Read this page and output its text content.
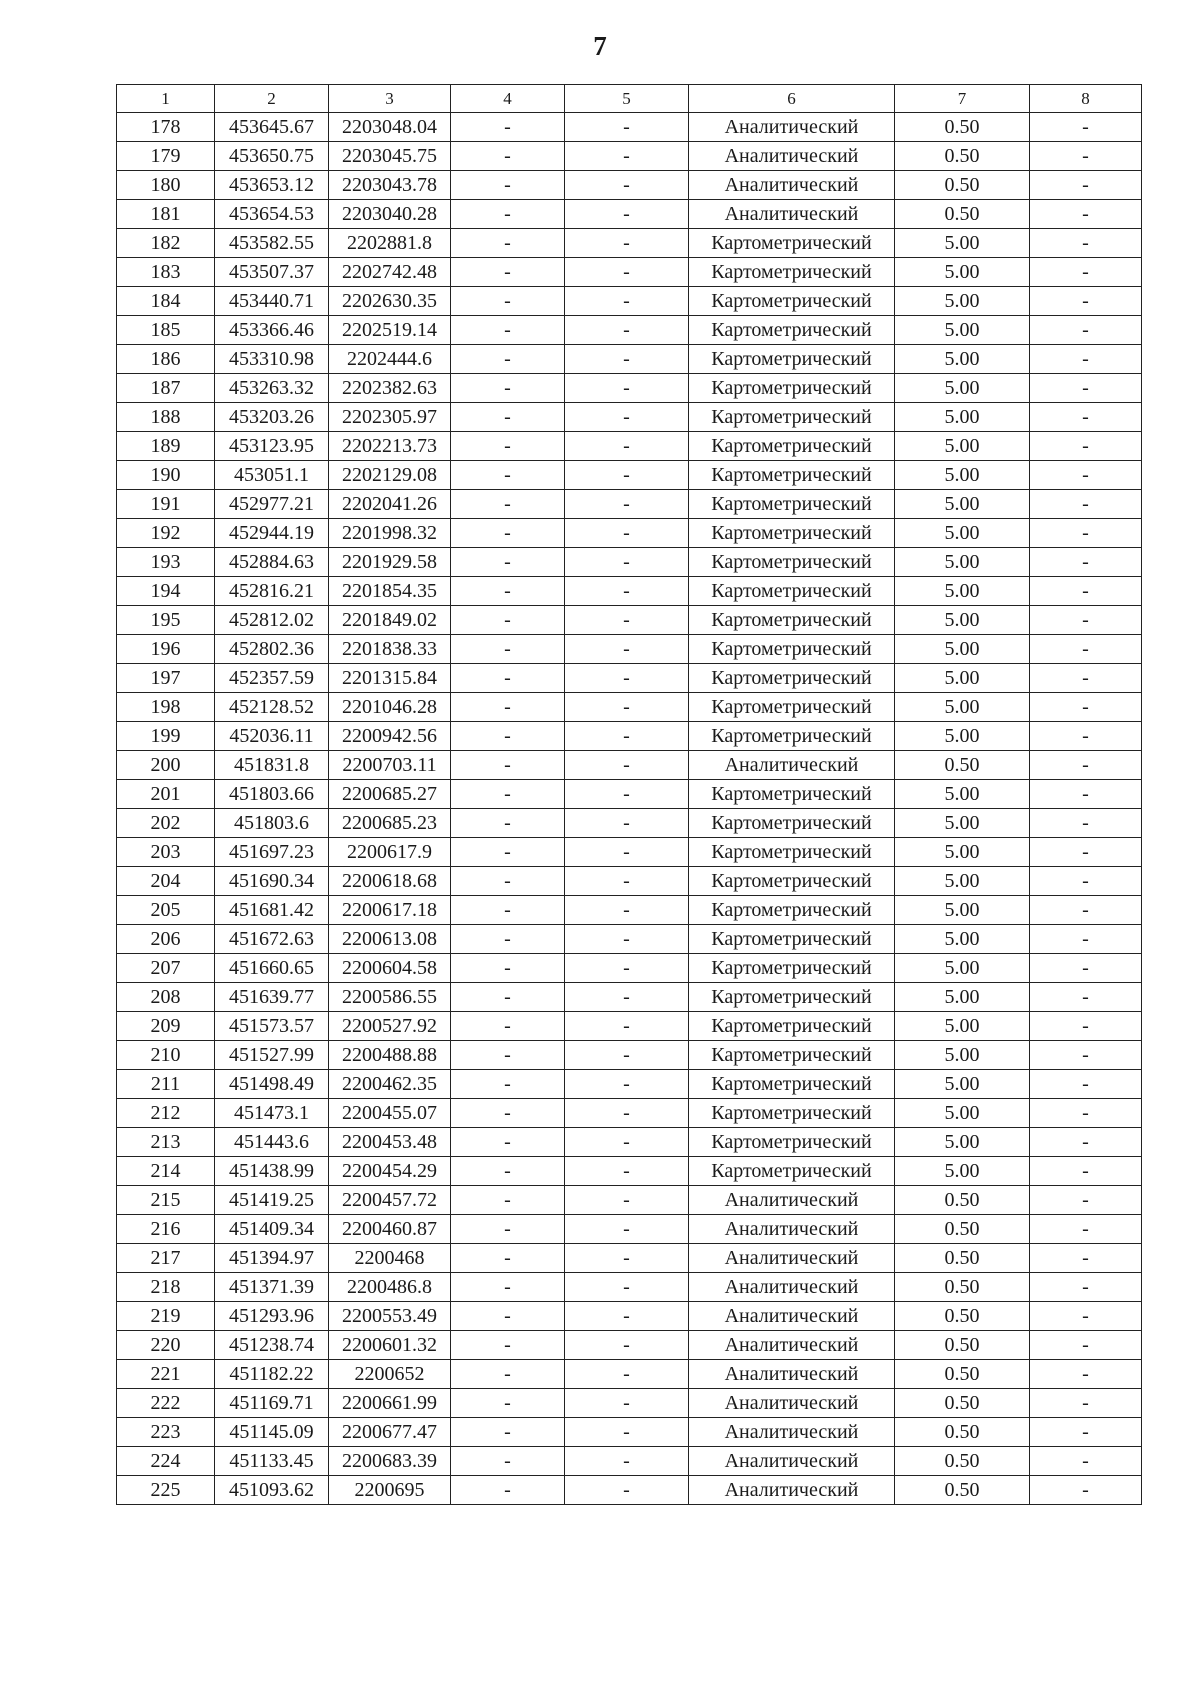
7
1	2	3	4	5	6	7	8
178	453645.67	2203048.04	-	-	Аналитический	0.50	-
179	453650.75	2203045.75	-	-	Аналитический	0.50	-
180	453653.12	2203043.78	-	-	Аналитический	0.50	-
181	453654.53	2203040.28	-	-	Аналитический	0.50	-
182	453582.55	2202881.8	-	-	Картометрический	5.00	-
183	453507.37	2202742.48	-	-	Картометрический	5.00	-
184	453440.71	2202630.35	-	-	Картометрический	5.00	-
185	453366.46	2202519.14	-	-	Картометрический	5.00	-
186	453310.98	2202444.6	-	-	Картометрический	5.00	-
187	453263.32	2202382.63	-	-	Картометрический	5.00	-
188	453203.26	2202305.97	-	-	Картометрический	5.00	-
189	453123.95	2202213.73	-	-	Картометрический	5.00	-
190	453051.1	2202129.08	-	-	Картометрический	5.00	-
191	452977.21	2202041.26	-	-	Картометрический	5.00	-
192	452944.19	2201998.32	-	-	Картометрический	5.00	-
193	452884.63	2201929.58	-	-	Картометрический	5.00	-
194	452816.21	2201854.35	-	-	Картометрический	5.00	-
195	452812.02	2201849.02	-	-	Картометрический	5.00	-
196	452802.36	2201838.33	-	-	Картометрический	5.00	-
197	452357.59	2201315.84	-	-	Картометрический	5.00	-
198	452128.52	2201046.28	-	-	Картометрический	5.00	-
199	452036.11	2200942.56	-	-	Картометрический	5.00	-
200	451831.8	2200703.11	-	-	Аналитический	0.50	-
201	451803.66	2200685.27	-	-	Картометрический	5.00	-
202	451803.6	2200685.23	-	-	Картометрический	5.00	-
203	451697.23	2200617.9	-	-	Картометрический	5.00	-
204	451690.34	2200618.68	-	-	Картометрический	5.00	-
205	451681.42	2200617.18	-	-	Картометрический	5.00	-
206	451672.63	2200613.08	-	-	Картометрический	5.00	-
207	451660.65	2200604.58	-	-	Картометрический	5.00	-
208	451639.77	2200586.55	-	-	Картометрический	5.00	-
209	451573.57	2200527.92	-	-	Картометрический	5.00	-
210	451527.99	2200488.88	-	-	Картометрический	5.00	-
211	451498.49	2200462.35	-	-	Картометрический	5.00	-
212	451473.1	2200455.07	-	-	Картометрический	5.00	-
213	451443.6	2200453.48	-	-	Картометрический	5.00	-
214	451438.99	2200454.29	-	-	Картометрический	5.00	-
215	451419.25	2200457.72	-	-	Аналитический	0.50	-
216	451409.34	2200460.87	-	-	Аналитический	0.50	-
217	451394.97	2200468	-	-	Аналитический	0.50	-
218	451371.39	2200486.8	-	-	Аналитический	0.50	-
219	451293.96	2200553.49	-	-	Аналитический	0.50	-
220	451238.74	2200601.32	-	-	Аналитический	0.50	-
221	451182.22	2200652	-	-	Аналитический	0.50	-
222	451169.71	2200661.99	-	-	Аналитический	0.50	-
223	451145.09	2200677.47	-	-	Аналитический	0.50	-
224	451133.45	2200683.39	-	-	Аналитический	0.50	-
225	451093.62	2200695	-	-	Аналитический	0.50	-
